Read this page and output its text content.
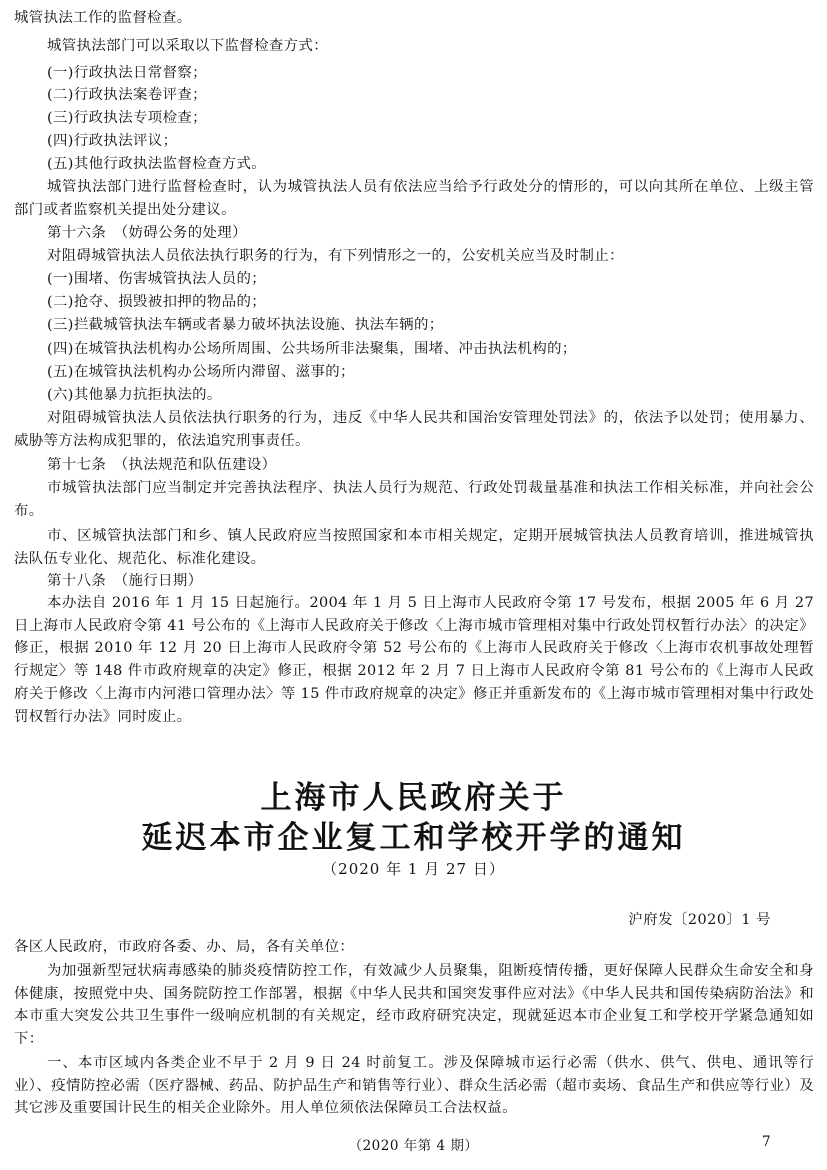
城管执法工作的监督检查。

城管执法部门可以采取以下监督检查方式：

(一)行政执法日常督察；

(二)行政执法案卷评查；

(三)行政执法专项检查；

(四)行政执法评议；

(五)其他行政执法监督检查方式。

城管执法部门进行监督检查时，认为城管执法人员有依法应当给予行政处分的情形的，可以向其所在单位、上级主管部门或者监察机关提出处分建议。

第十六条　（妨碍公务的处理）

对阻碍城管执法人员依法执行职务的行为，有下列情形之一的，公安机关应当及时制止：

(一)围堵、伤害城管执法人员的；

(二)抢夺、损毁被扣押的物品的；

(三)拦截城管执法车辆或者暴力破坏执法设施、执法车辆的；

(四)在城管执法机构办公场所周围、公共场所非法聚集，围堵、冲击执法机构的；

(五)在城管执法机构办公场所内滞留、滋事的；

(六)其他暴力抗拒执法的。

对阻碍城管执法人员依法执行职务的行为，违反《中华人民共和国治安管理处罚法》的，依法予以处罚；使用暴力、威胁等方法构成犯罪的，依法追究刑事责任。

第十七条　（执法规范和队伍建设）

市城管执法部门应当制定并完善执法程序、执法人员行为规范、行政处罚裁量基准和执法工作相关标准，并向社会公布。

市、区城管执法部门和乡、镇人民政府应当按照国家和本市相关规定，定期开展城管执法人员教育培训，推进城管执法队伍专业化、规范化、标准化建设。

第十八条　（施行日期）

本办法自 2016 年 1 月 15 日起施行。2004 年 1 月 5 日上海市人民政府令第 17 号发布，根据 2005 年 6 月 27 日上海市人民政府令第 41 号公布的《上海市人民政府关于修改〈上海市城市管理相对集中行政处罚权暂行办法〉的决定》修正，根据 2010 年 12 月 20 日上海市人民政府令第 52 号公布的《上海市人民政府关于修改〈上海市农机事故处理暂行规定〉等 148 件市政府规章的决定》修正，根据 2012 年 2 月 7 日上海市人民政府令第 81 号公布的《上海市人民政府关于修改〈上海市内河港口管理办法〉等 15 件市政府规章的决定》修正并重新发布的《上海市城市管理相对集中行政处罚权暂行办法》同时废止。

上海市人民政府关于
延迟本市企业复工和学校开学的通知
（2020 年 1 月 27 日）
沪府发〔2020〕1 号

各区人民政府，市政府各委、办、局，各有关单位：

为加强新型冠状病毒感染的肺炎疫情防控工作，有效减少人员聚集，阻断疫情传播，更好保障人民群众生命安全和身体健康，按照党中央、国务院防控工作部署，根据《中华人民共和国突发事件应对法》《中华人民共和国传染病防治法》和本市重大突发公共卫生事件一级响应机制的有关规定，经市政府研究决定，现就延迟本市企业复工和学校开学紧急通知如下：

一、本市区域内各类企业不早于 2 月 9 日 24 时前复工。涉及保障城市运行必需（供水、供气、供电、通讯等行业）、疫情防控必需（医疗器械、药品、防护品生产和销售等行业）、群众生活必需（超市卖场、食品生产和供应等行业）及其它涉及重要国计民生的相关企业除外。用人单位须依法保障员工合法权益。

（2020 年第 4 期）	7
